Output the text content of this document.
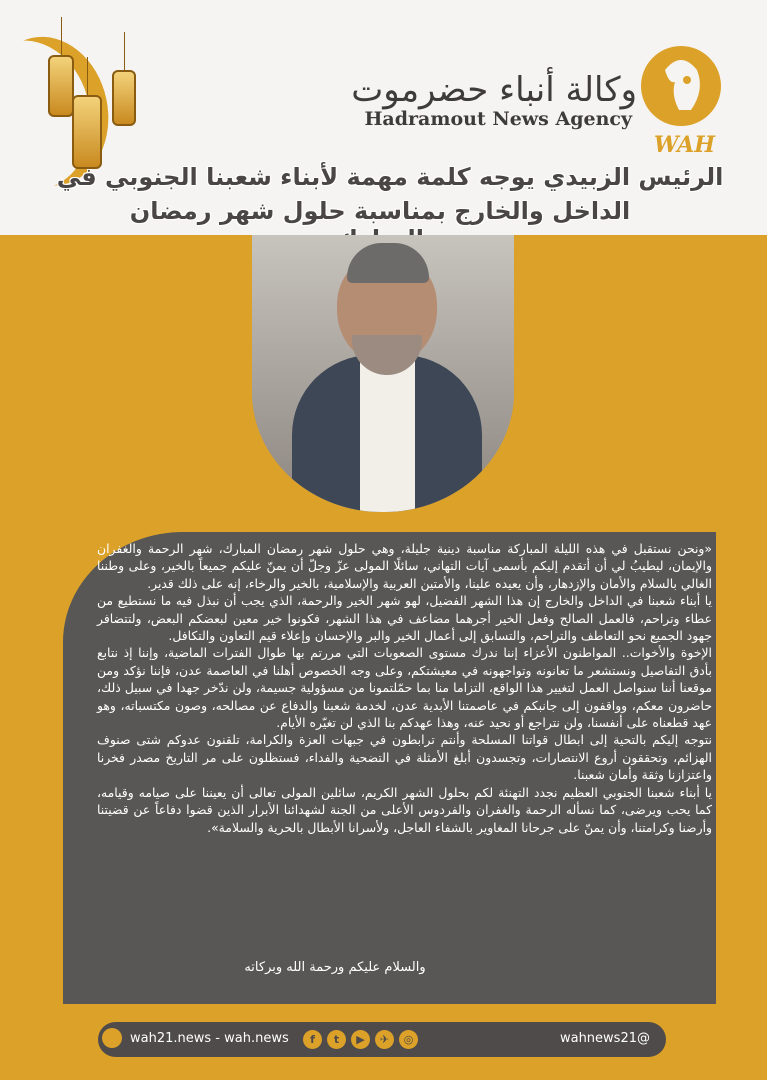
وكالة أنباء حضرموت
Hadramout News Agency
WAH
الرئيس الزبيدي يوجه كلمة مهمة لأبناء شعبنا الجنوبي في
الداخل والخارج بمناسبة حلول شهر رمضان

«ونحن نستقبل في هذه الليلة المباركة مناسبة دينية جليلة، وهي حلول شهر رمضان المبارك، شهر الرحمة والغفران والإيمان، ليطيبُ لي أن أتقدم إليكم بأسمى آيات التهاني، سائلًا المولى عزّ وجلّ أن يمنّ عليكم جميعاً بالخير، وعلى وطننا الغالي بالسلام والأمان والإزدهار، وأن يعيده علينا، والأمتين العربية والإسلامية، بالخير والرخاء، إنه على ذلك قدير.

يا أبناء شعبنا في الداخل والخارج إن هذا الشهر الفضيل، لهو شهر الخير والرحمة، الذي يجب أن نبذل فيه ما نستطيع من عطاء وتراحم، فالعمل الصالح وفعل الخير أجرهما مضاعف في هذا الشهر، فكونوا خير معين لبعضكم البعض، ولتتضافر جهود الجميع نحو التعاطف والتراحم، والتسابق إلى أعمال الخير والبر والإحسان وإعلاء قيم التعاون والتكافل.

الإخوة والأخوات.. المواطنون الأعزاء إننا ندرك مستوى الصعوبات التي مررتم بها طوال الفترات الماضية، وإننا إذ نتابع بأدق التفاصيل ونستشعر ما تعانونه وتواجهونه في معيشتكم، وعلى وجه الخصوص أهلنا في العاصمة عدن، فإننا نؤكد ومن موقعنا أننا سنواصل العمل لتغيير هذا الواقع، التزاما منا بما حمّلتمونا من مسؤولية جسيمة، ولن ندّخر جهدا في سبيل ذلك، حاضرون معكم، وواقفون إلى جانبكم في عاصمتنا الأبدية عدن، لخدمة شعبنا والدفاع عن مصالحه، وصون مكتسباته، وهو عهد قطعناه على أنفسنا، ولن نتراجع أو نحيد عنه، وهذا عهدكم بنا الذي لن تغيّره الأيام.

نتوجه إليكم بالتحية إلى ابطال قواتنا المسلحة وأنتم ترابطون في جبهات العزة والكرامة، تلقنون عدوكم شتى صنوف الهزائم، وتحققون أروع الانتصارات، وتجسدون أبلغ الأمثلة في التضحية والفداء، فستظلون على مر التاريخ مصدر فخرنا واعتزازنا وثقة وأمان شعبنا.

يا أبناء شعبنا الجنوبي العظيم نجدد التهنئة لكم بحلول الشهر الكريم، سائلين المولى تعالى أن يعيننا على صيامه وقيامه، كما يحب ويرضى، كما نسأله الرحمة والغفران والفردوس الأعلى من الجنة لشهدائنا الأبرار الذين قضوا دفاعاً عن قضيتنا وأرضنا وكرامتنا، وأن يمنّ على جرحانا المغاوير بالشفاء العاجل، ولأسرانا الأبطال بالحرية والسلامة».

والسلام عليكم ورحمة الله وبركاته
wah21.news - wah.news	f	t	▶	✈	◎	wahnews21@
